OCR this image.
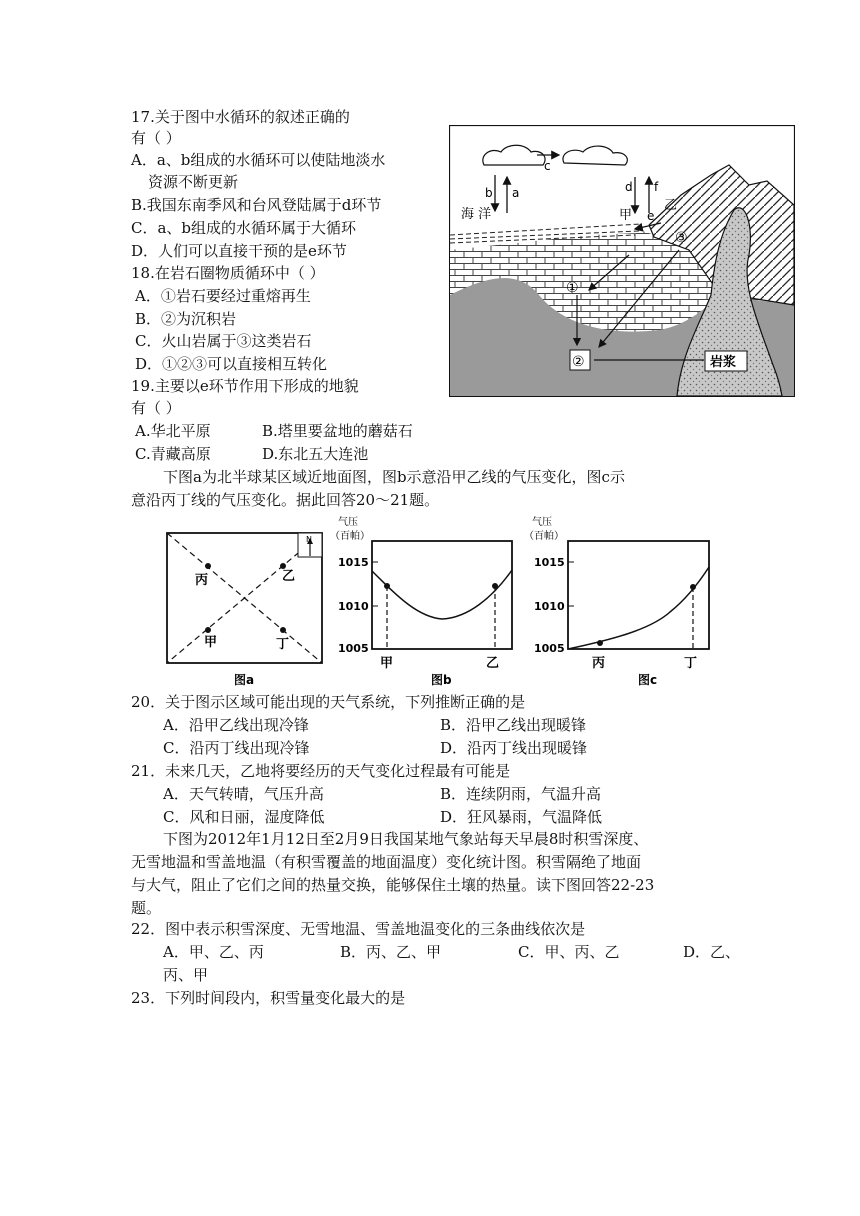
17.关于图中水循环的叙述正确的
有（ ）
A．a、b组成的水循环可以使陆地淡水
资源不断更新
B.我国东南季风和台风登陆属于d环节
C．a、b组成的水循环属于大循环
D．人们可以直接干预的是e环节
18.在岩石圈物质循环中（ ）
A．①岩石要经过重熔再生
B．②为沉积岩
C．火山岩属于③这类岩石
D．①②③可以直接相互转化
19.主要以e环节作用下形成的地貌
有（ ）
A.华北平原	B.塔里要盆地的蘑菇石
C.青藏高原	D.东北五大连池
c
b a	d f
e
海 洋	甲
乙
③
①
②	岩浆
下图a为北半球某区域近地面图，图b示意沿甲乙线的气压变化，图c示
意沿丙丁线的气压变化。据此回答20～21题。
N
丙	乙
甲	丁
图a
气压
（百帕）
1015
1010
1005
甲	乙
图b
气压
（百帕）
1015
1010
1005
丙	丁
图c
20．关于图示区域可能出现的天气系统，下列推断正确的是
A．沿甲乙线出现冷锋	B．沿甲乙线出现暖锋
C．沿丙丁线出现冷锋	D．沿丙丁线出现暖锋
21．未来几天，乙地将要经历的天气变化过程最有可能是
A．天气转晴，气压升高	B．连续阴雨，气温升高
C．风和日丽，湿度降低	D．狂风暴雨，气温降低
下图为2012年1月12日至2月9日我国某地气象站每天早晨8时积雪深度、
无雪地温和雪盖地温（有积雪覆盖的地面温度）变化统计图。积雪隔绝了地面
与大气，阻止了它们之间的热量交换，能够保住土壤的热量。读下图回答22-23
题。
22．图中表示积雪深度、无雪地温、雪盖地温变化的三条曲线依次是
A．甲、乙、丙	B．丙、乙、甲	C．甲、丙、乙	D．乙、
丙、甲
23．下列时间段内，积雪量变化最大的是
